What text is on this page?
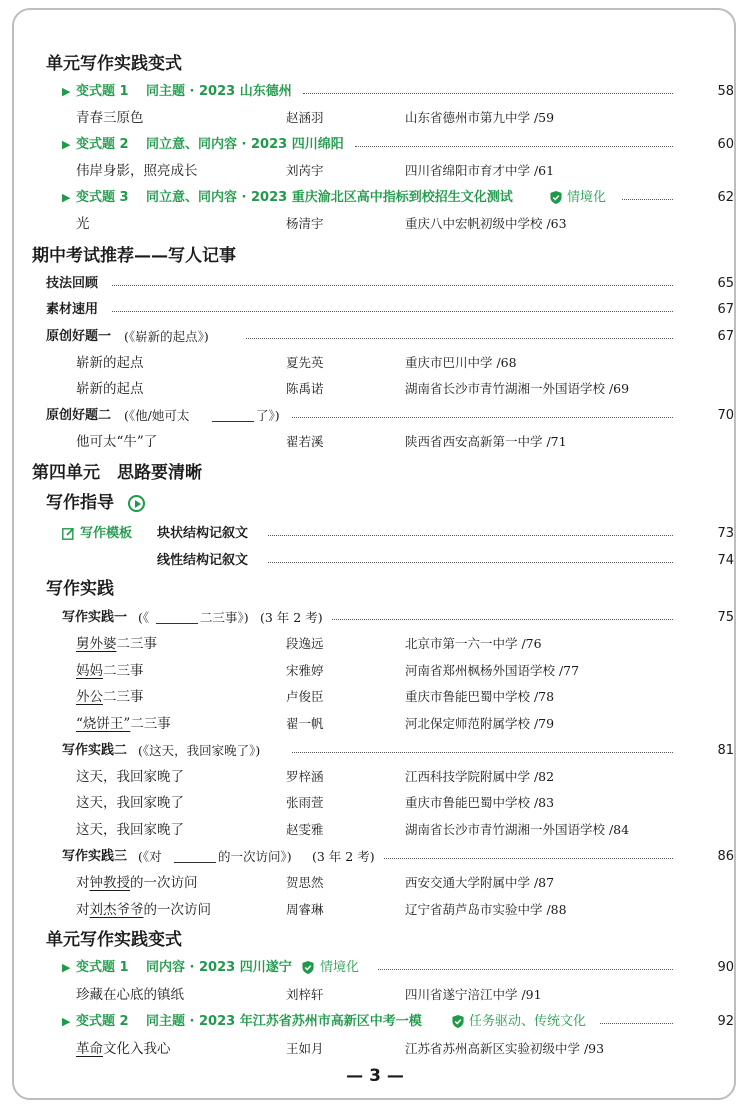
单元写作实践变式
▶ 变式题 1 同主题 · 2023 山东德州	58
青春三原色	赵涵羽	山东省德州市第九中学 /59
▶ 变式题 2 同立意、同内容 · 2023 四川绵阳	60
伟岸身影，照亮成长	刘芮宇	四川省绵阳市育才中学 /61
▶ 变式题 3 同立意、同内容 · 2023 重庆渝北区高中指标到校招生文化测试	情境化	62
光	杨清宇	重庆八中宏帆初级中学校 /63
期中考试推荐——写人记事
技法回顾	65
素材速用	67
原创好题一 (《崭新的起点》)	67
崭新的起点	夏先英	重庆市巴川中学 /68
崭新的起点	陈禹诺	湖南省长沙市青竹湖湘一外国语学校 /69
原创好题二 (《他/她可太	了》)	70
他可太“牛”了	翟若溪	陕西省西安高新第一中学 /71
第四单元　思路要清晰
写作指导
写作模板 块状结构记叙文	73
线性结构记叙文	74
写作实践
写作实践一 (《	二三事》) (3 年 2 考)	75
舅外婆二三事	段逸远	北京市第一六一中学 /76
妈妈二三事	宋雅婷	河南省郑州枫杨外国语学校 /77
外公二三事	卢俊臣	重庆市鲁能巴蜀中学校 /78
“烧饼王”二三事	翟一帆	河北保定师范附属学校 /79
写作实践二 (《这天，我回家晚了》)	81
这天，我回家晚了	罗梓涵	江西科技学院附属中学 /82
这天，我回家晚了	张雨萱	重庆市鲁能巴蜀中学校 /83
这天，我回家晚了	赵雯雅	湖南省长沙市青竹湖湘一外国语学校 /84
写作实践三 (《对	的一次访问》) (3 年 2 考)	86
对钟教授的一次访问	贺思然	西安交通大学附属中学 /87
对刘杰爷爷的一次访问	周睿琳	辽宁省葫芦岛市实验中学 /88
单元写作实践变式
▶ 变式题 1 同内容 · 2023 四川遂宁 情境化	90
珍藏在心底的镇纸	刘梓轩	四川省遂宁涪江中学 /91
▶ 变式题 2 同主题 · 2023 年江苏省苏州市高新区中考一模	任务驱动、传统文化	92
革命文化入我心	王如月	江苏省苏州高新区实验初级中学 /93
— 3 —
